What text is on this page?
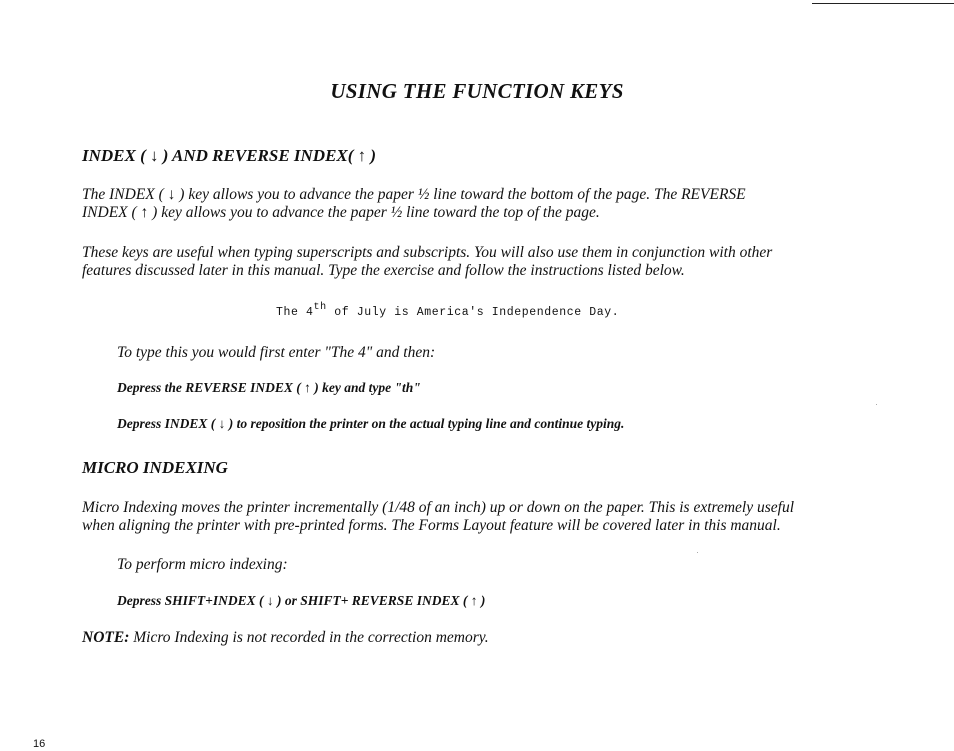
USING THE FUNCTION KEYS
INDEX ( ↓ ) AND REVERSE INDEX( ↑ )
The INDEX ( ↓ ) key allows you to advance the paper ½ line toward the bottom of the page. The REVERSE
INDEX ( ↑ ) key allows you to advance the paper ½ line toward the top of the page.
These keys are useful when typing superscripts and subscripts. You will also use them in conjunction with other
features discussed later in this manual. Type the exercise and follow the instructions listed below.
The 4th of July is America's Independence Day.
To type this you would first enter "The 4" and then:
Depress the REVERSE INDEX ( ↑ ) key and type "th"
Depress INDEX ( ↓ ) to reposition the printer on the actual typing line and continue typing.
MICRO INDEXING
Micro Indexing moves the printer incrementally (1/48 of an inch) up or down on the paper. This is extremely useful
when aligning the printer with pre-printed forms. The Forms Layout feature will be covered later in this manual.
To perform micro indexing:
Depress SHIFT+INDEX ( ↓ ) or SHIFT+ REVERSE INDEX ( ↑ )
NOTE: Micro Indexing is not recorded in the correction memory.
16
